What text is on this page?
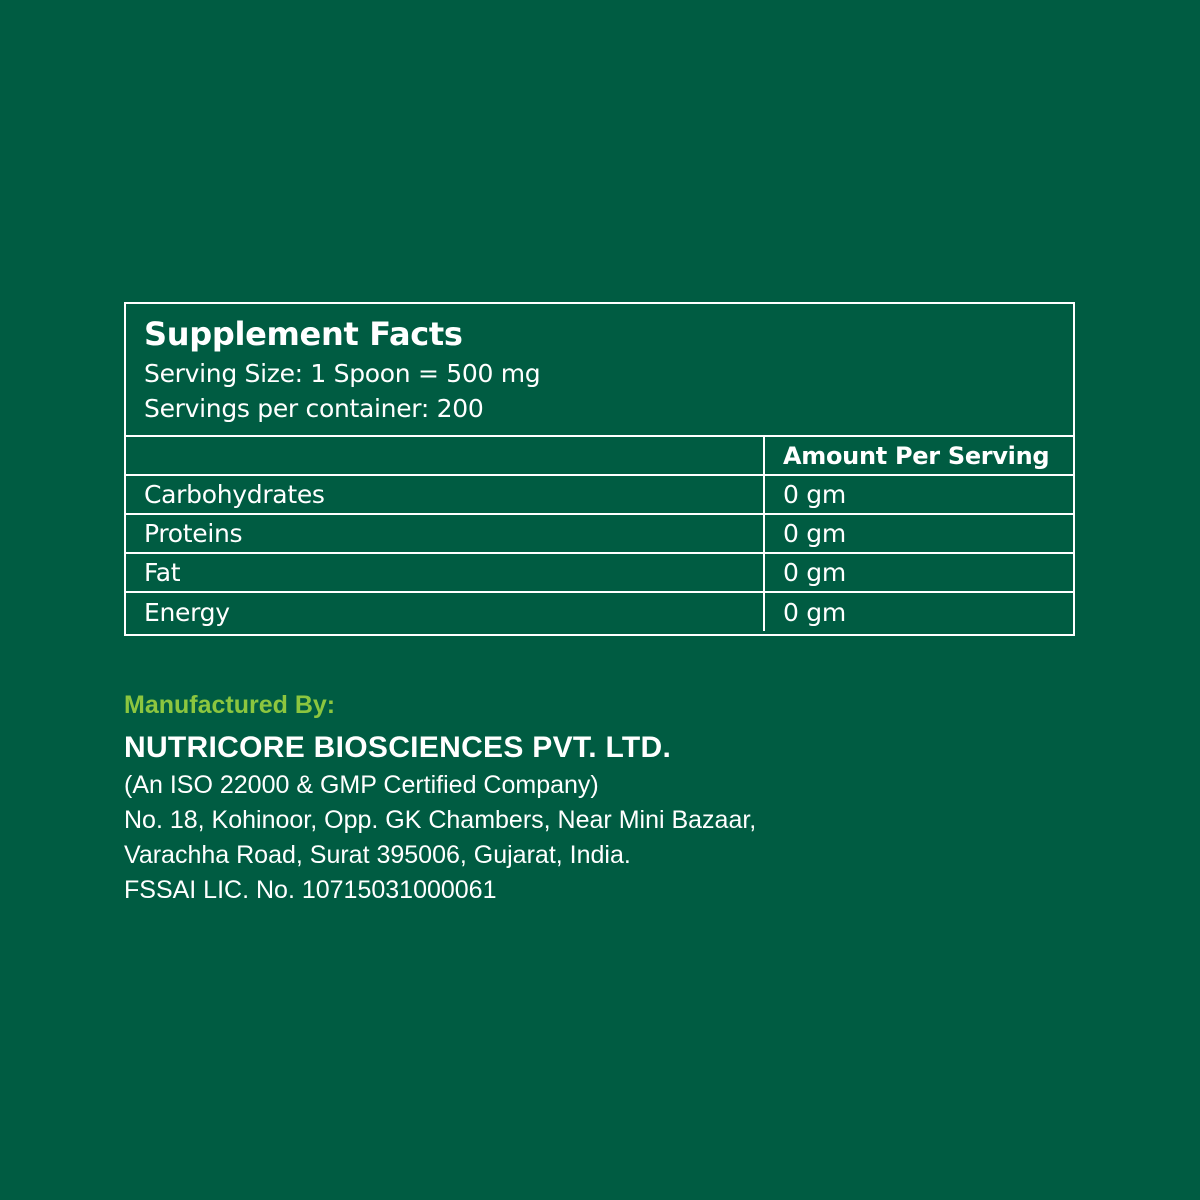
Supplement Facts
Serving Size: 1 Spoon = 500 mg
Servings per container: 200
	Amount Per Serving
Carbohydrates	0 gm
Proteins	0 gm
Fat	0 gm
Energy	0 gm
Manufactured By:
NUTRICORE BIOSCIENCES PVT. LTD.
(An ISO 22000 & GMP Certified Company)
No. 18, Kohinoor, Opp. GK Chambers, Near Mini Bazaar,
Varachha Road, Surat 395006, Gujarat, India.
FSSAI LIC. No. 10715031000061
